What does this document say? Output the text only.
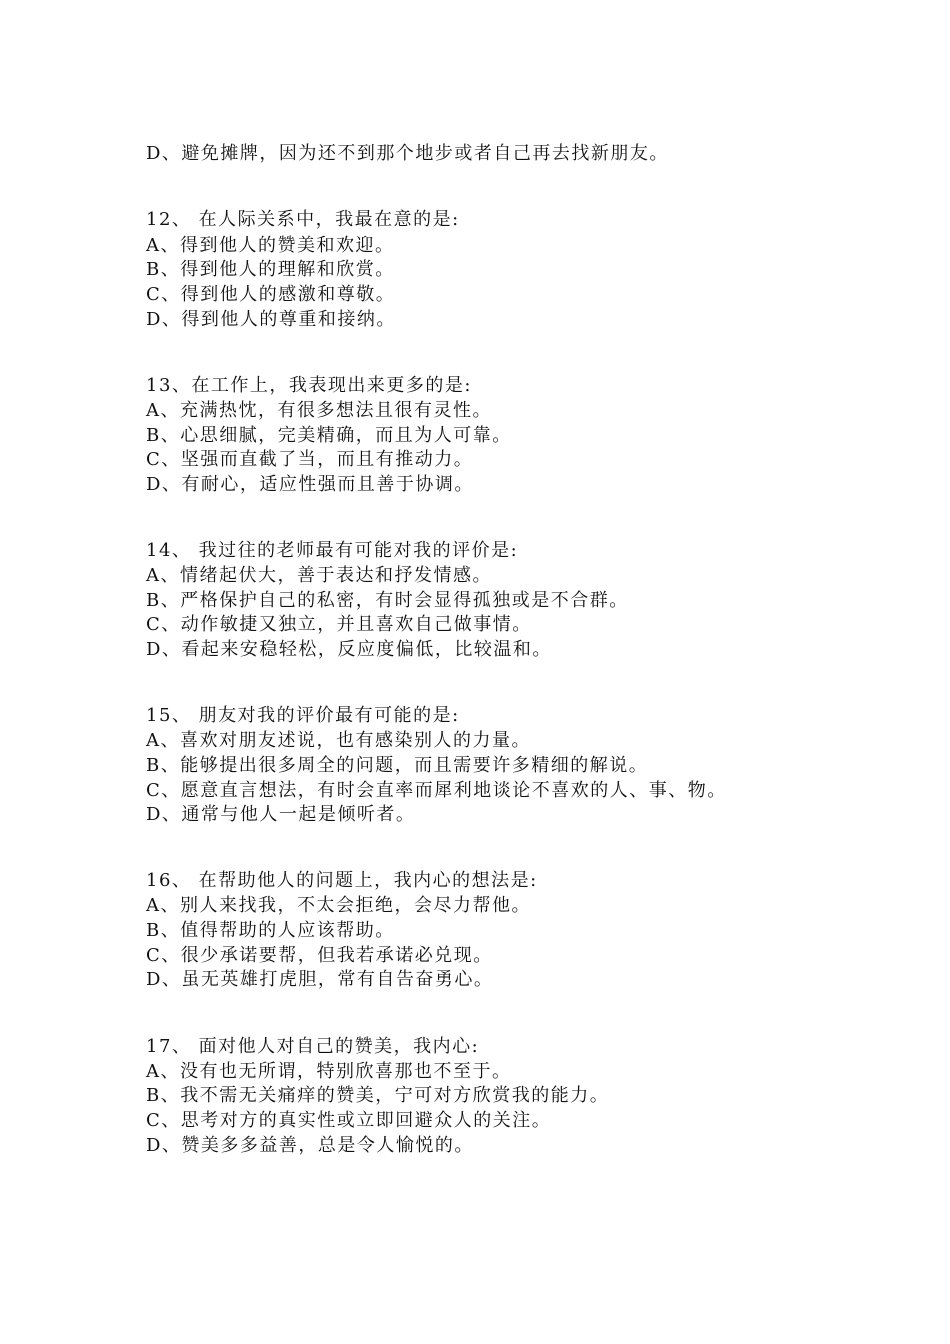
D、避免摊牌，因为还不到那个地步或者自己再去找新朋友。
12、 在人际关系中，我最在意的是:
A、得到他人的赞美和欢迎。
B、得到他人的理解和欣赏。
C、得到他人的感激和尊敬。
D、得到他人的尊重和接纳。
13、在工作上，我表现出来更多的是:
A、充满热忱，有很多想法且很有灵性。
B、心思细腻，完美精确，而且为人可靠。
C、坚强而直截了当，而且有推动力。
D、有耐心，适应性强而且善于协调。
14、 我过往的老师最有可能对我的评价是:
A、情绪起伏大，善于表达和抒发情感。
B、严格保护自己的私密，有时会显得孤独或是不合群。
C、动作敏捷又独立，并且喜欢自己做事情。
D、看起来安稳轻松，反应度偏低，比较温和。
15、 朋友对我的评价最有可能的是:
A、喜欢对朋友述说，也有感染别人的力量。
B、能够提出很多周全的问题，而且需要许多精细的解说。
C、愿意直言想法，有时会直率而犀利地谈论不喜欢的人、事、物。
D、通常与他人一起是倾听者。
16、 在帮助他人的问题上，我内心的想法是:
A、别人来找我，不太会拒绝，会尽力帮他。
B、值得帮助的人应该帮助。
C、很少承诺要帮，但我若承诺必兑现。
D、虽无英雄打虎胆，常有自告奋勇心。
17、 面对他人对自己的赞美，我内心:
A、没有也无所谓，特别欣喜那也不至于。
B、我不需无关痛痒的赞美，宁可对方欣赏我的能力。
C、思考对方的真实性或立即回避众人的关注。
D、赞美多多益善，总是令人愉悦的。
